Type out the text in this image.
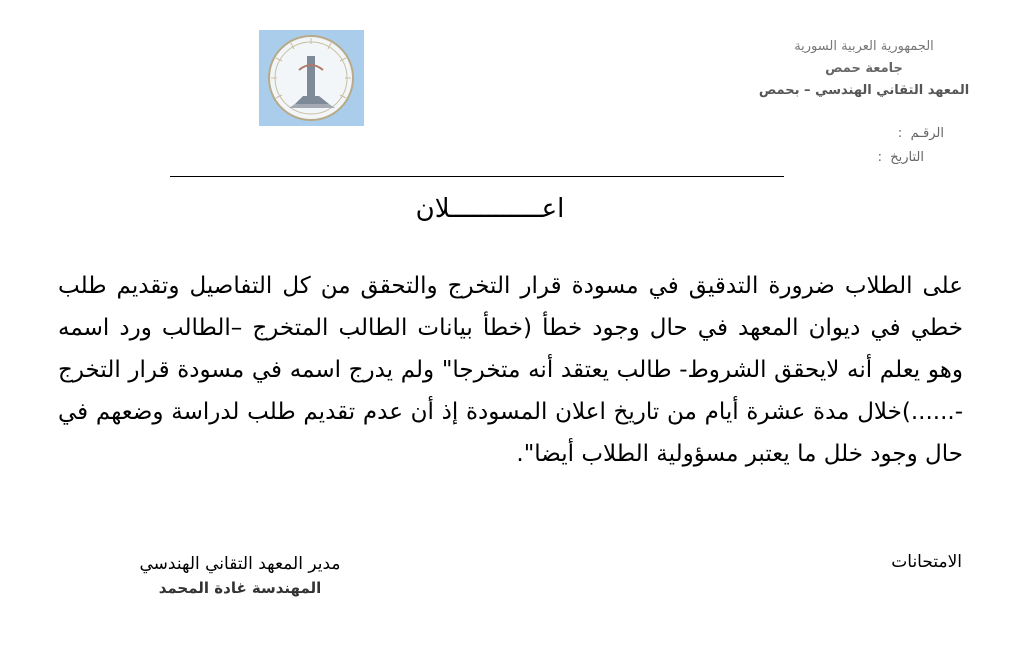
الجمهورية العربية السورية
جامعة حمص
المعهد التقاني الهندسي – بحمص
الرقـم  :
التاريخ  :
اعــــــــــــلان
على الطلاب ضرورة التدقيق في مسودة قرار التخرج والتحقق من كل التفاصيل وتقديم طلب خطي في ديوان المعهد في حال وجود خطأ (خطأ بيانات الطالب المتخرج –الطالب ورد اسمه وهو يعلم أنه لايحقق الشروط- طالب يعتقد أنه متخرجا" ولم يدرج اسمه في مسودة قرار التخرج -......)خلال مدة عشرة أيام من تاريخ اعلان المسودة إذ أن عدم تقديم طلب لدراسة وضعهم في حال وجود خلل ما يعتبر مسؤولية الطلاب أيضا".
الامتحانات
مدير المعهد التقاني الهندسي
المهندسة غادة المحمد
